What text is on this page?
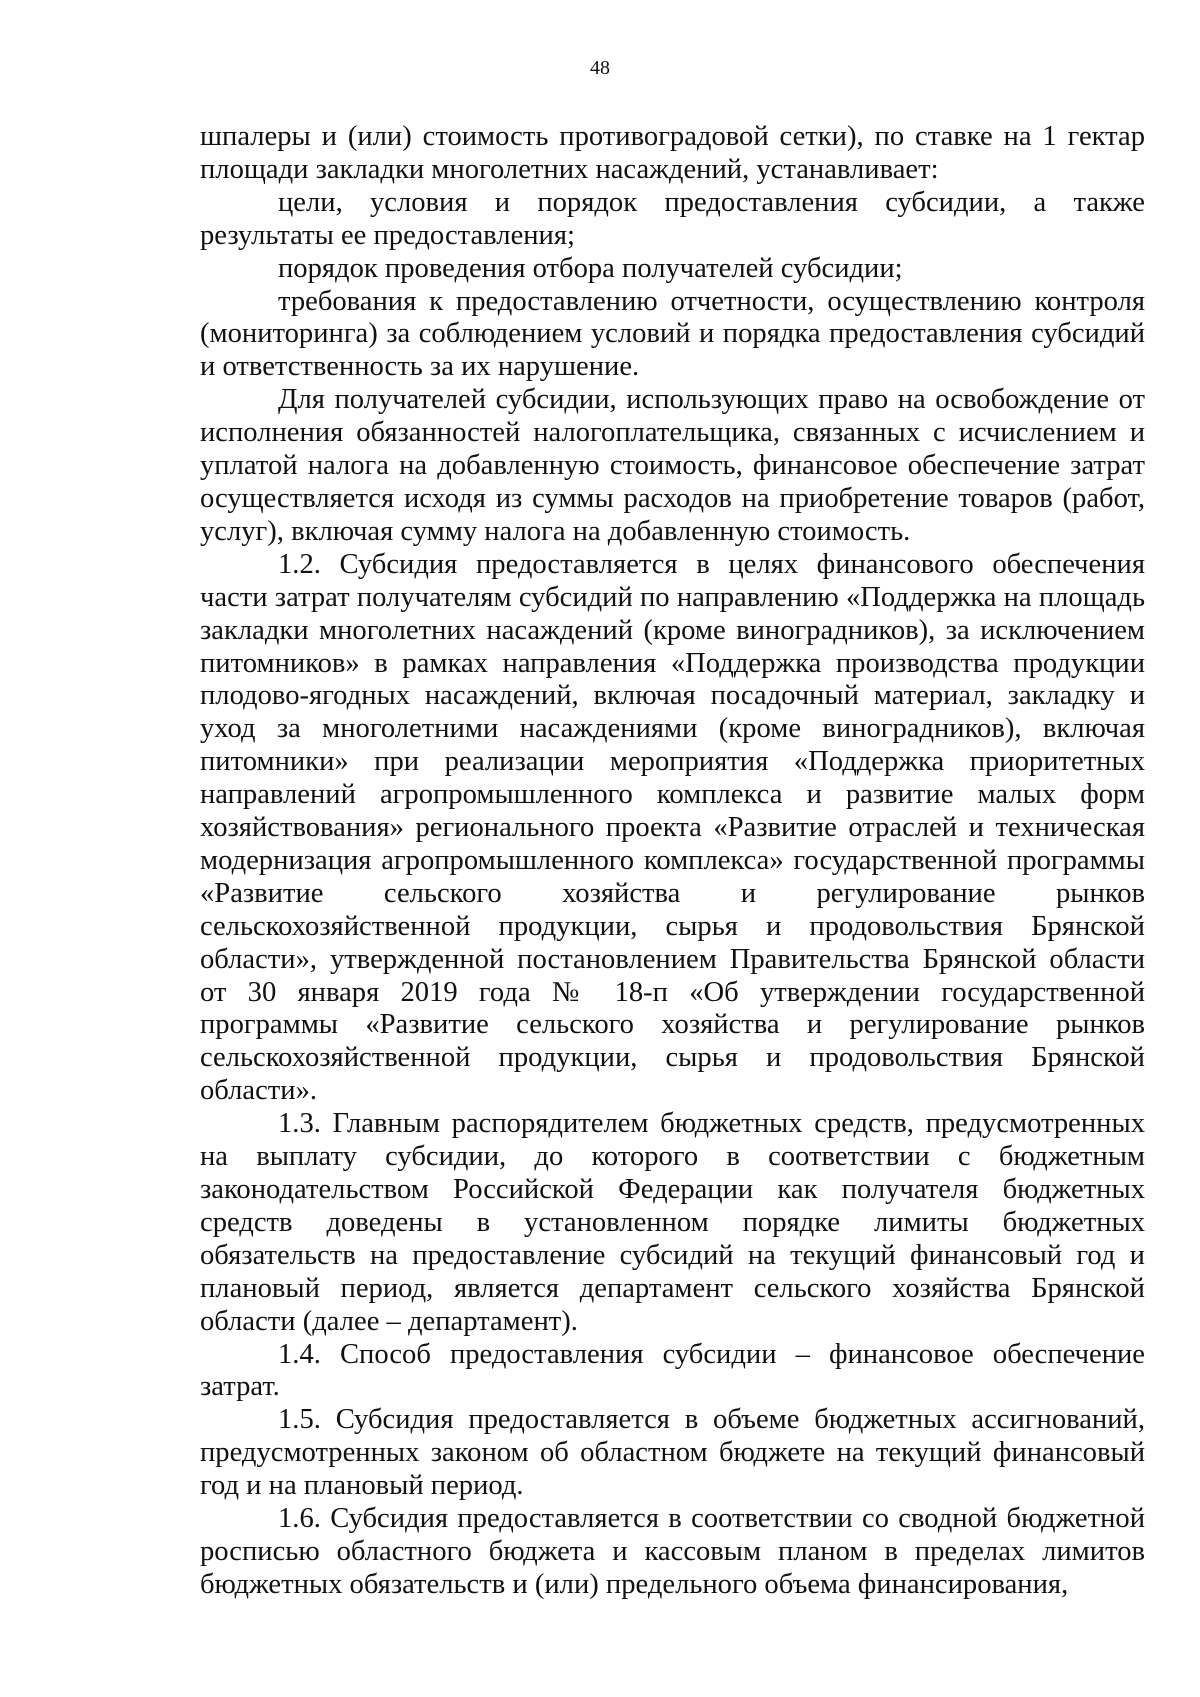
48

шпалеры и (или) стоимость противоградовой сетки), по ставке на 1 гектар площади закладки многолетних насаждений, устанавливает:

цели, условия и порядок предоставления субсидии, а также результаты ее предоставления;

порядок проведения отбора получателей субсидии;

требования к предоставлению отчетности, осуществлению контроля (мониторинга) за соблюдением условий и порядка предоставления субсидий и ответственность за их нарушение.

Для получателей субсидии, использующих право на освобождение от исполнения обязанностей налогоплательщика, связанных с исчислением и уплатой налога на добавленную стоимость, финансовое обеспечение затрат осуществляется исходя из суммы расходов на приобретение товаров (работ, услуг), включая сумму налога на добавленную стоимость.

1.2. Субсидия предоставляется в целях финансового обеспечения части затрат получателям субсидий по направлению «Поддержка на площадь закладки многолетних насаждений (кроме виноградников), за исключением питомников» в рамках направления «Поддержка производства продукции плодово-ягодных насаждений, включая посадочный материал, закладку и уход за многолетними насаждениями (кроме виноградников), включая питомники» при реализации мероприятия «Поддержка приоритетных направлений агропромышленного комплекса и развитие малых форм хозяйствования» регионального проекта «Развитие отраслей и техническая модернизация агропромышленного комплекса» государственной программы «Развитие сельского хозяйства и регулирование рынков сельскохозяйственной продукции, сырья и продовольствия Брянской области», утвержденной постановлением Правительства Брянской области от 30 января 2019 года № 18-п «Об утверждении государственной программы «Развитие сельского хозяйства и регулирование рынков сельскохозяйственной продукции, сырья и продовольствия Брянской области».

1.3. Главным распорядителем бюджетных средств, предусмотренных на выплату субсидии, до которого в соответствии с бюджетным законодательством Российской Федерации как получателя бюджетных средств доведены в установленном порядке лимиты бюджетных обязательств на предоставление субсидий на текущий финансовый год и плановый период, является департамент сельского хозяйства Брянской области (далее – департамент).

1.4. Способ предоставления субсидии – финансовое обеспечение затрат.

1.5. Субсидия предоставляется в объеме бюджетных ассигнований, предусмотренных законом об областном бюджете на текущий финансовый год и на плановый период.

1.6. Субсидия предоставляется в соответствии со сводной бюджетной росписью областного бюджета и кассовым планом в пределах лимитов бюджетных обязательств и (или) предельного объема финансирования,
